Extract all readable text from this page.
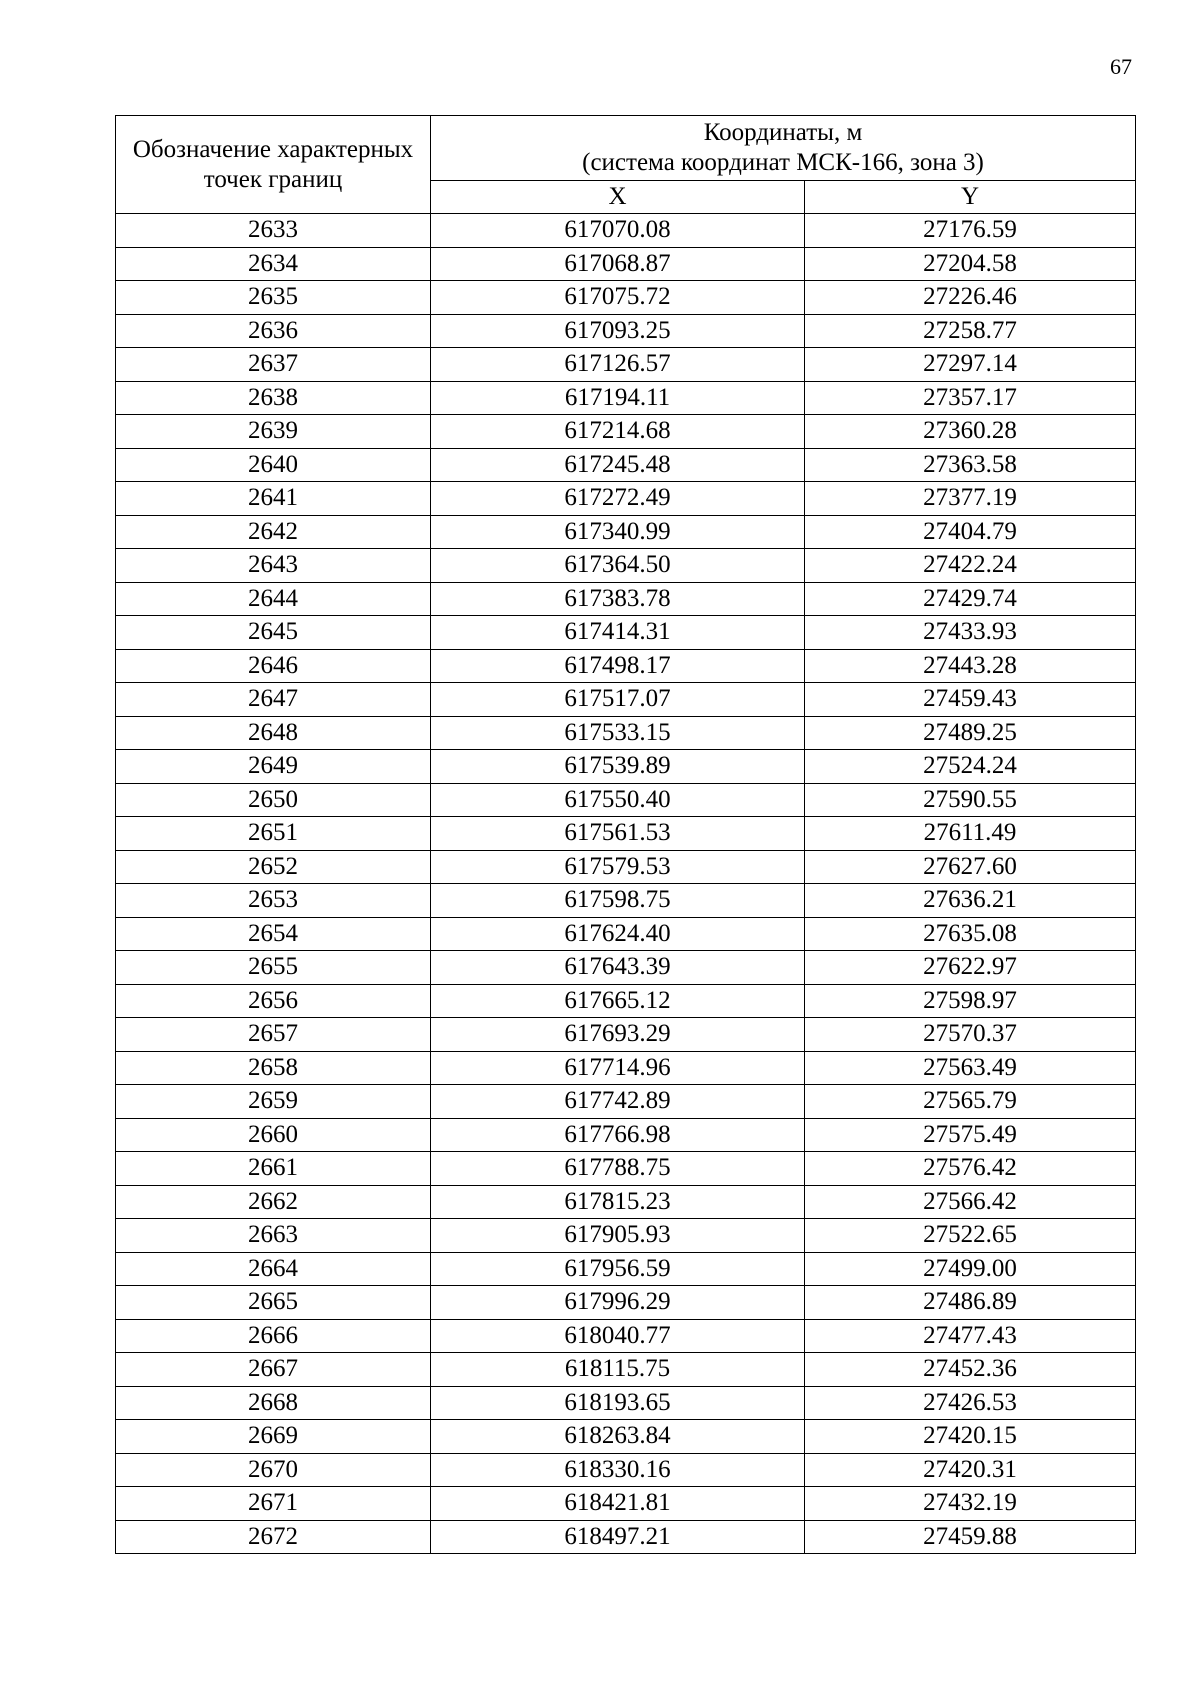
67
Обозначение характерных точек границ	Координаты, м
(система координат МСК-166, зона 3)	

	X	Y
2633	617070.08	27176.59
2634	617068.87	27204.58
2635	617075.72	27226.46
2636	617093.25	27258.77
2637	617126.57	27297.14
2638	617194.11	27357.17
2639	617214.68	27360.28
2640	617245.48	27363.58
2641	617272.49	27377.19
2642	617340.99	27404.79
2643	617364.50	27422.24
2644	617383.78	27429.74
2645	617414.31	27433.93
2646	617498.17	27443.28
2647	617517.07	27459.43
2648	617533.15	27489.25
2649	617539.89	27524.24
2650	617550.40	27590.55
2651	617561.53	27611.49
2652	617579.53	27627.60
2653	617598.75	27636.21
2654	617624.40	27635.08
2655	617643.39	27622.97
2656	617665.12	27598.97
2657	617693.29	27570.37
2658	617714.96	27563.49
2659	617742.89	27565.79
2660	617766.98	27575.49
2661	617788.75	27576.42
2662	617815.23	27566.42
2663	617905.93	27522.65
2664	617956.59	27499.00
2665	617996.29	27486.89
2666	618040.77	27477.43
2667	618115.75	27452.36
2668	618193.65	27426.53
2669	618263.84	27420.15
2670	618330.16	27420.31
2671	618421.81	27432.19
2672	618497.21	27459.88
